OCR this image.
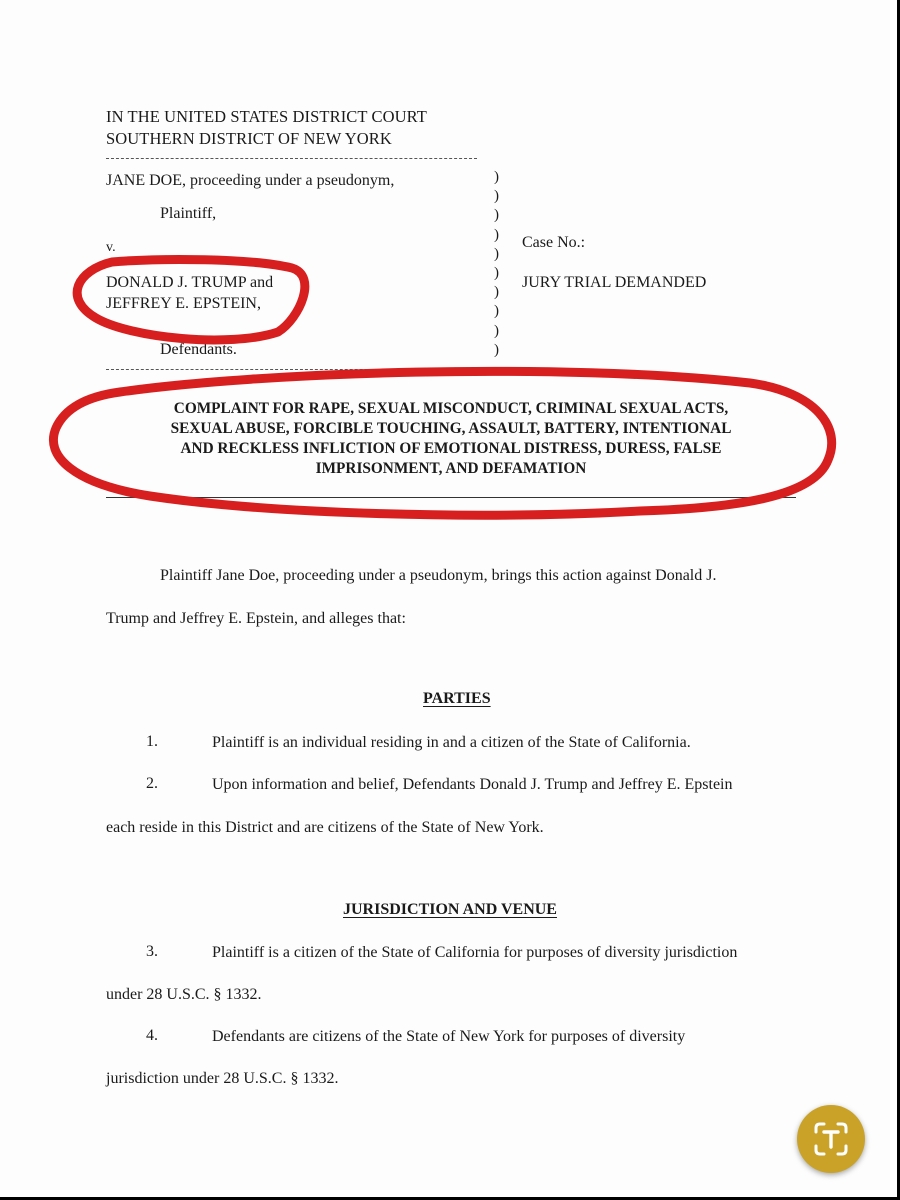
IN THE UNITED STATES DISTRICT COURT
SOUTHERN DISTRICT OF NEW YORK
JANE DOE, proceeding under a pseudonym,
Plaintiff,
v.
DONALD J. TRUMP and
JEFFREY E. EPSTEIN,
Defendants.
)
)
)
)
)
)
)
)
)
)
Case No.:
JURY TRIAL DEMANDED
COMPLAINT FOR RAPE, SEXUAL MISCONDUCT, CRIMINAL SEXUAL ACTS,
SEXUAL ABUSE, FORCIBLE TOUCHING, ASSAULT, BATTERY, INTENTIONAL
AND RECKLESS INFLICTION OF EMOTIONAL DISTRESS, DURESS, FALSE
IMPRISONMENT, AND DEFAMATION
Plaintiff Jane Doe, proceeding under a pseudonym, brings this action against Donald J.
Trump and Jeffrey E. Epstein, and alleges that:
PARTIES
1.	Plaintiff is an individual residing in and a citizen of the State of California.
2.	Upon information and belief, Defendants Donald J. Trump and Jeffrey E. Epstein
each reside in this District and are citizens of the State of New York.
JURISDICTION AND VENUE
3.	Plaintiff is a citizen of the State of California for purposes of diversity jurisdiction
under 28 U.S.C. § 1332.
4.	Defendants are citizens of the State of New York for purposes of diversity
jurisdiction under 28 U.S.C. § 1332.
